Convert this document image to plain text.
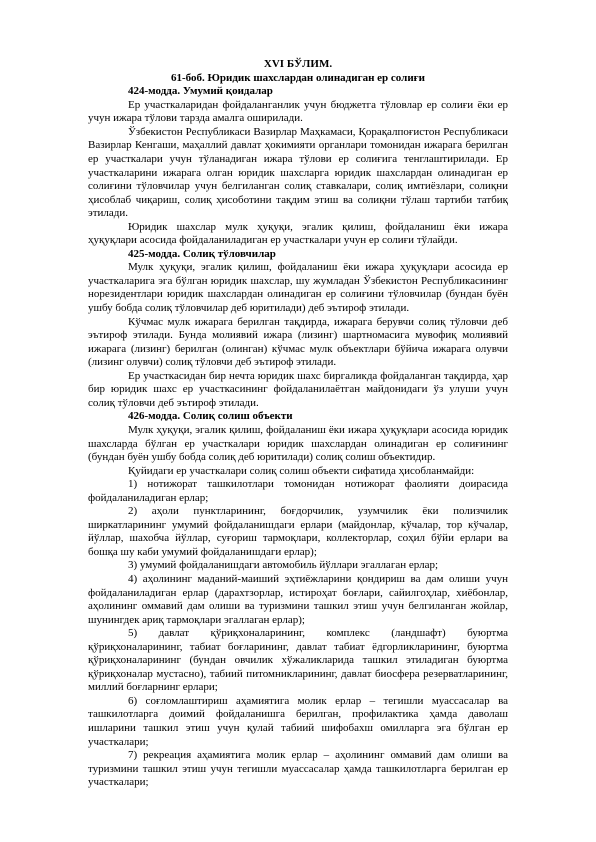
XVI БЎЛИМ.
61-боб. Юридик шахслардан олинадиган ер солиғи
424-модда. Умумий қоидалар

Ер участкаларидан фойдаланганлик учун бюджетга тўловлар ер солиғи ёки ер учун ижара тўлови тарзда амалга оширилади.

Ўзбекистон Республикаси Вазирлар Маҳкамаси, Қорақалпоғистон Республикаси Вазирлар Кенгаши, маҳаллий давлат ҳокимияти органлари томонидан ижарага берилган ер участкалари учун тўланадиган ижара тўлови ер солиғига тенглаштирилади. Ер участкаларини ижарага олган юридик шахсларга юридик шахслардан олинадиган ер солиғини тўловчилар учун белгиланган солиқ ставкалари, солиқ имтиёзлари, солиқни ҳисоблаб чиқариш, солиқ ҳисоботини тақдим этиш ва солиқни тўлаш тартиби татбиқ этилади.

Юридик шахслар мулк ҳуқуқи, эгалик қилиш, фойдаланиш ёки ижара ҳуқуқлари асосида фойдаланиладиган ер участкалари учун ер солиғи тўлайди.

425-модда. Солиқ тўловчилар

Мулк ҳуқуқи, эгалик қилиш, фойдаланиш ёки ижара ҳуқуқлари асосида ер участкаларига эга бўлган юридик шахслар, шу жумладан Ўзбекистон Республикасининг норезидентлари юридик шахслардан олинадиган ер солиғини тўловчилар (бундан буён ушбу бобда солиқ тўловчилар деб юритилади) деб эътироф этилади.

Кўчмас мулк ижарага берилган тақдирда, ижарага берувчи солиқ тўловчи деб эътироф этилади. Бунда молиявий ижара (лизинг) шартномасига мувофиқ молиявий ижарага (лизинг) берилган (олинган) кўчмас мулк объектлари бўйича ижарага олувчи (лизинг олувчи) солиқ тўловчи деб эътироф этилади.

Ер участкасидан бир нечта юридик шахс биргаликда фойдаланган тақдирда, ҳар бир юридик шахс ер участкасининг фойдаланилаётган майдонидаги ўз улуши учун солиқ тўловчи деб эътироф этилади.

426-модда. Солиқ солиш объекти

Мулк ҳуқуқи, эгалик қилиш, фойдаланиш ёки ижара ҳуқуқлари асосида юридик шахсларда бўлган ер участкалари юридик шахслардан олинадиган ер солиғининг (бундан буён ушбу бобда солиқ деб юритилади) солиқ солиш объектидир.

Қуйидаги ер участкалари солиқ солиш объекти сифатида ҳисобланмайди:

1) нотижорат ташкилотлари томонидан нотижорат фаолияти доирасида фойдаланиладиган ерлар;

2) аҳоли пунктларининг, боғдорчилик, узумчилик ёки полизчилик ширкатларининг умумий фойдаланишдаги ерлари (майдонлар, кўчалар, тор кўчалар, йўллар, шахобча йўллар, суғориш тармоқлари, коллекторлар, соҳил бўйи ерлари ва бошқа шу каби умумий фойдаланишдаги ерлар);

3) умумий фойдаланишдаги автомобиль йўллари эгаллаган ерлар;

4) аҳолининг маданий-маиший эҳтиёжларини қондириш ва дам олиши учун фойдаланиладиган ерлар (дарахтзорлар, истироҳат боғлари, сайилгоҳлар, хиёбонлар, аҳолининг оммавий дам олиши ва туризмини ташкил этиш учун белгиланган жойлар, шунингдек ариқ тармоқлари эгаллаган ерлар);

5) давлат қўриқхоналарининг, комплекс (ландшафт) буюртма қўриқхоналарининг, табиат боғларининг, давлат табиат ёдгорликларининг, буюртма қўриқхоналарининг (бундан овчилик хўжаликларида ташкил этиладиган буюртма қўриқхоналар мустасно), табиий питомникларининг, давлат биосфера резерватларининг, миллий боғларнинг ерлари;

6) соғломлаштириш аҳамиятига молик ерлар – тегишли муассасалар ва ташкилотларга доимий фойдаланишга берилган, профилактика ҳамда даволаш ишларини ташкил этиш учун қулай табиий шифобахш омилларга эга бўлган ер участкалари;

7) рекреация аҳамиятига молик ерлар – аҳолининг оммавий дам олиши ва туризмини ташкил этиш учун тегишли муассасалар ҳамда ташкилотларга берилган ер участкалари;
